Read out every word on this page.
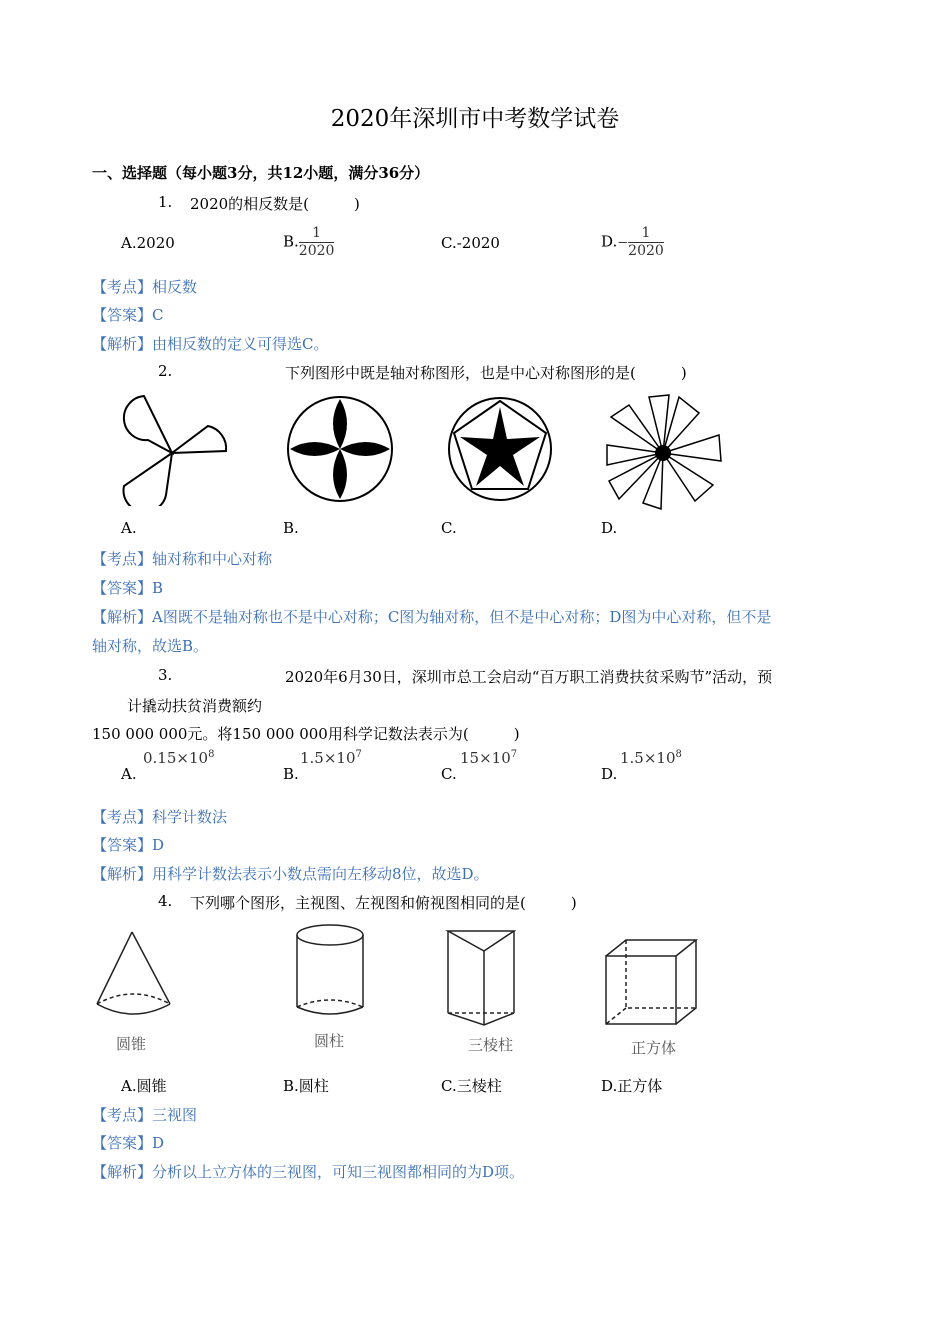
2020年深圳市中考数学试卷
一、选择题（每小题3分，共12小题，满分36分）
1. 2020的相反数是(　　　)
A.2020	B. $\frac{1}{2020}$	C.-2020	$D.- \frac{1}{2020}$
【考点】相反数
【答案】C
【解析】由相反数的定义可得选C。
2.	下列图形中既是轴对称图形，也是中心对称图形的是(　　　)
A.	B.	C.	D.
【考点】轴对称和中心对称
【答案】B
【解析】A图既不是轴对称也不是中心对称；C图为轴对称，但不是中心对称；D图为中心对称，但不是
轴对称，故选B。
3.	2020年6月30日，深圳市总工会启动“百万职工消费扶贫采购节”活动，预
计撬动扶贫消费额约
150 000 000元。将150 000 000用科学记数法表示为(　　　)
A.
$0.15\times 10^8$
B.
$1.5\times 10^7$
C.
$15\times 10^7$
D.
$1.5\times 10^8$
【考点】科学计数法
【答案】D
【解析】用科学计数法表示小数点需向左移动8位，故选D。
4. 下列哪个图形，主视图、左视图和俯视图相同的是(　　　)
圆锥	圆柱	三棱柱	正方体
A.圆锥	B.圆柱	C.三棱柱	D.正方体
【考点】三视图
【答案】D
【解析】分析以上立方体的三视图，可知三视图都相同的为D项。
